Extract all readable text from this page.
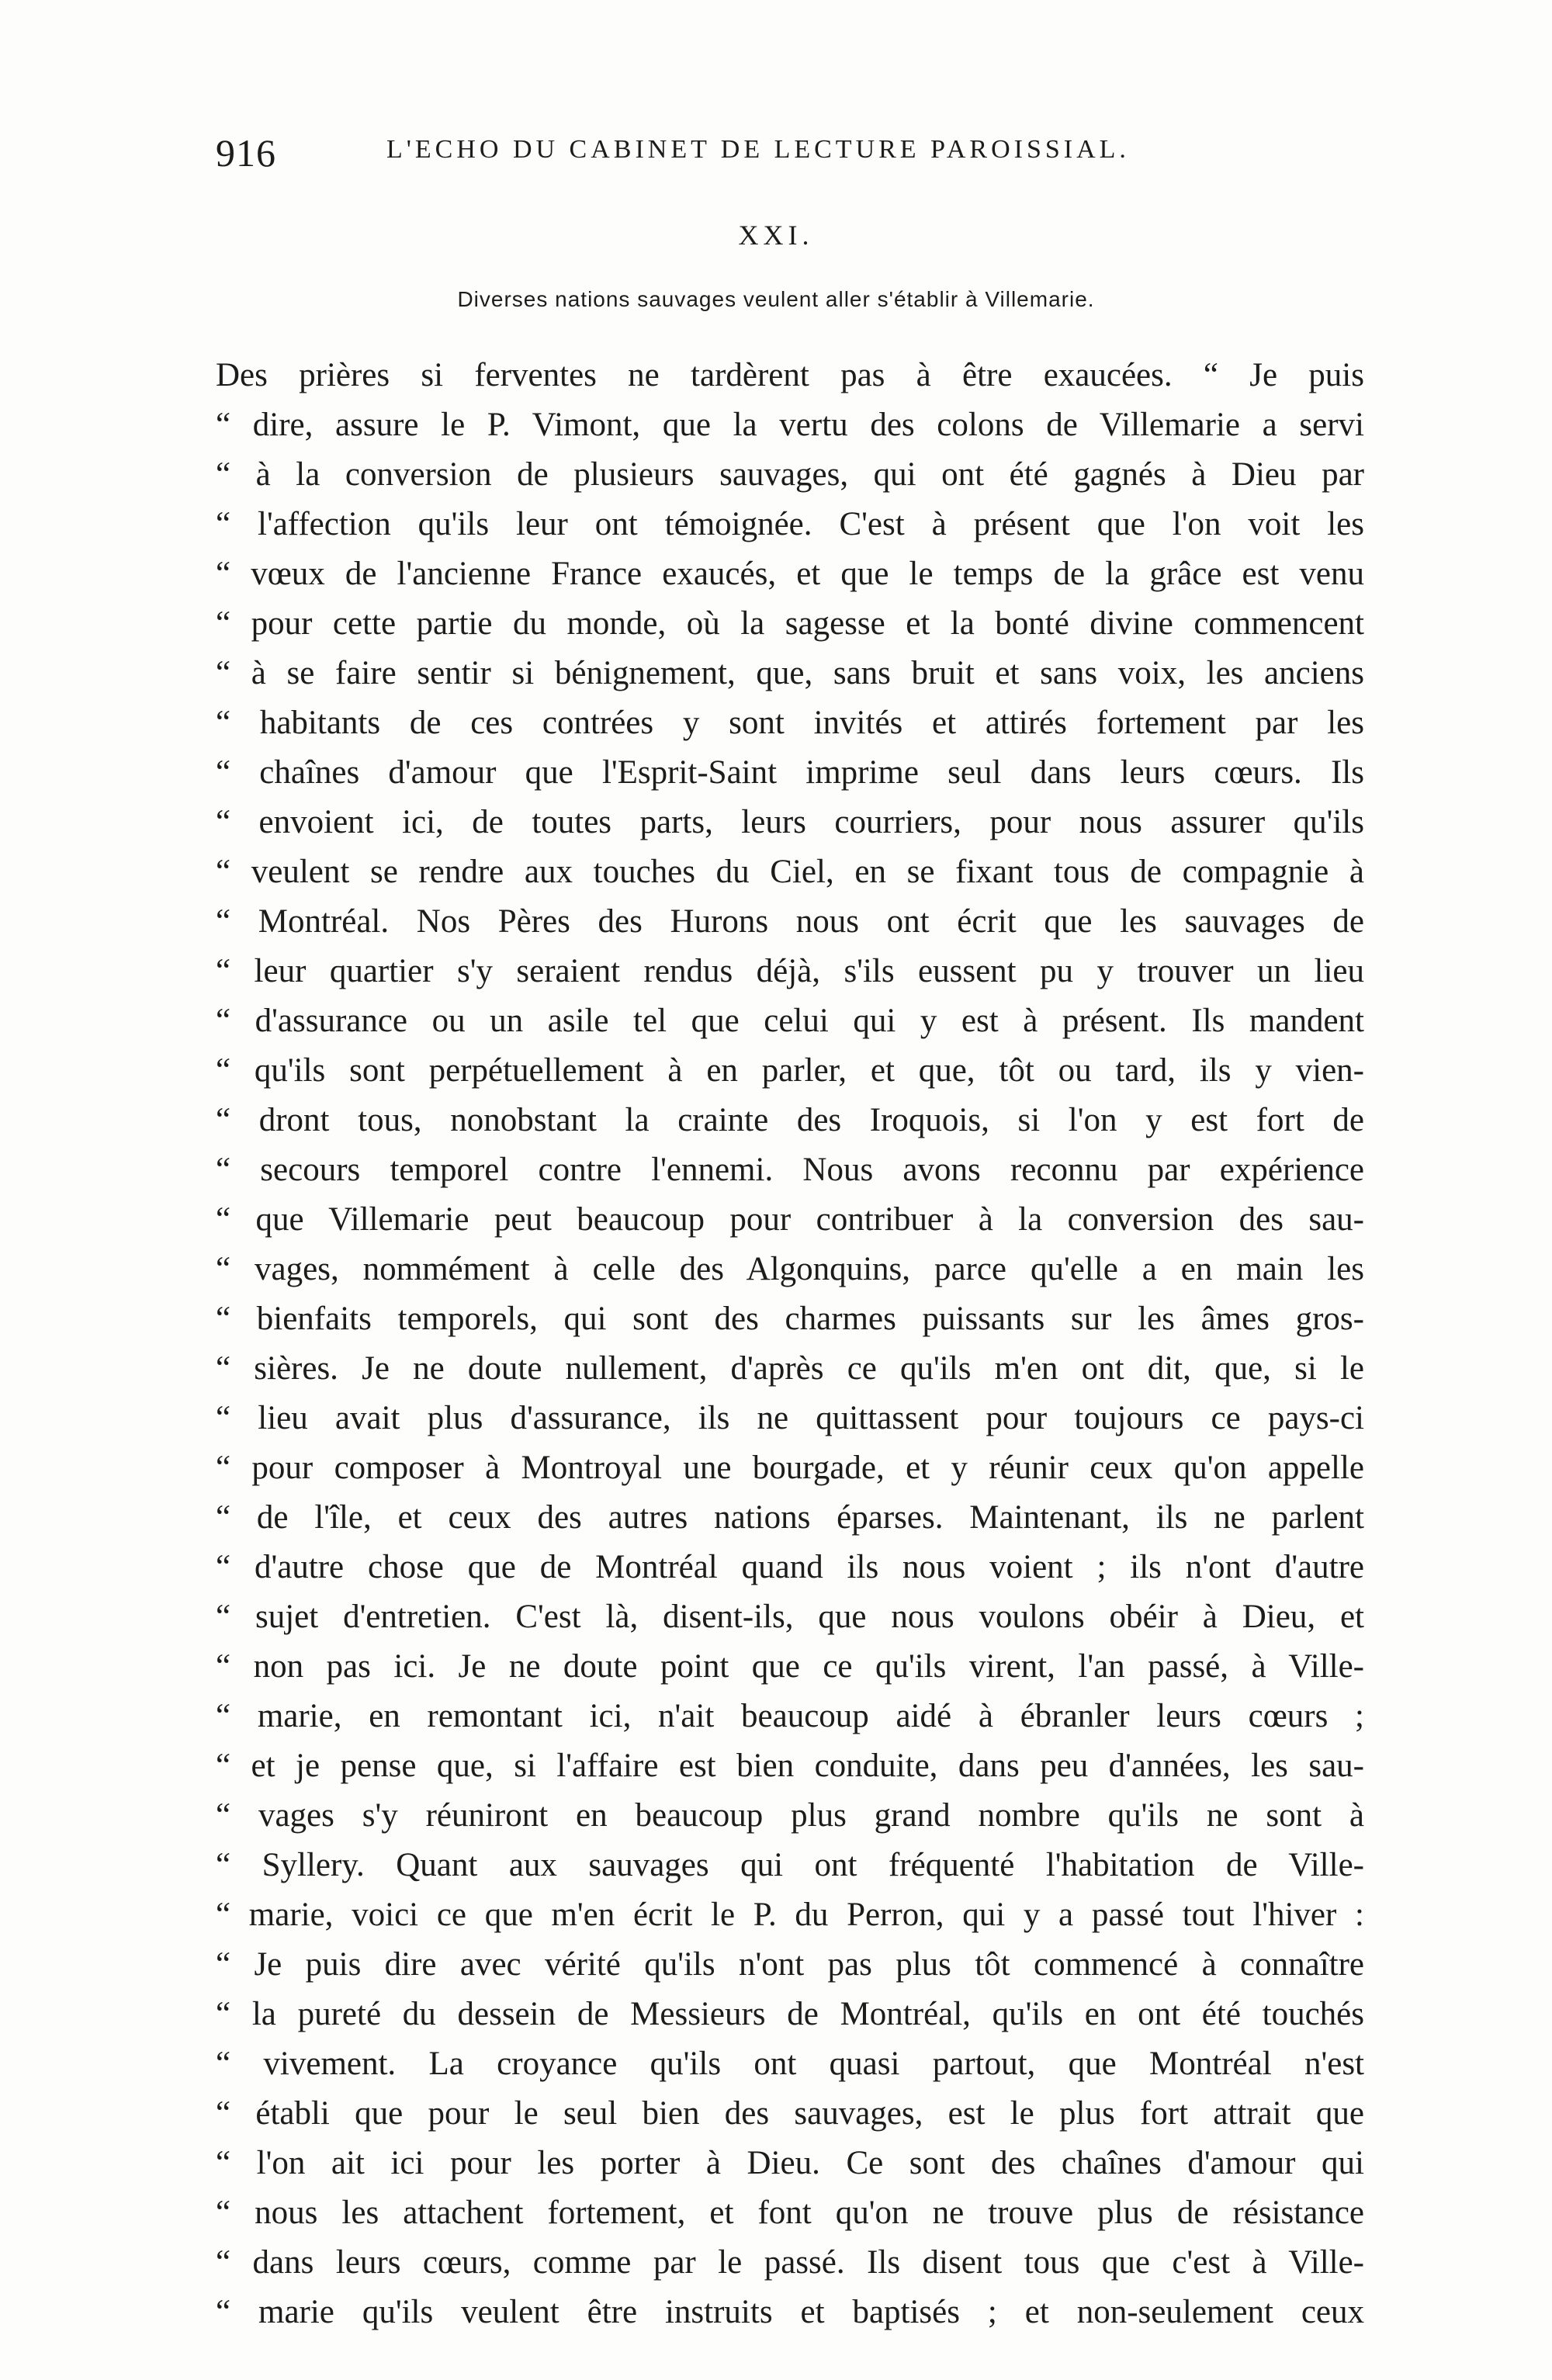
916	L'ECHO DU CABINET DE LECTURE PAROISSIAL.
XXI.
Diverses nations sauvages veulent aller s'établir à Villemarie.
Des prières si ferventes ne tardèrent pas à être exaucées. “ Je puis
“ dire, assure le P. Vimont, que la vertu des colons de Villemarie a servi
“ à la conversion de plusieurs sauvages, qui ont été gagnés à Dieu par
“ l'affection qu'ils leur ont témoignée. C'est à présent que l'on voit les
“ vœux de l'ancienne France exaucés, et que le temps de la grâce est venu
“ pour cette partie du monde, où la sagesse et la bonté divine commencent
“ à se faire sentir si bénignement, que, sans bruit et sans voix, les anciens
“ habitants de ces contrées y sont invités et attirés fortement par les
“ chaînes d'amour que l'Esprit-Saint imprime seul dans leurs cœurs. Ils
“ envoient ici, de toutes parts, leurs courriers, pour nous assurer qu'ils
“ veulent se rendre aux touches du Ciel, en se fixant tous de compagnie à
“ Montréal. Nos Pères des Hurons nous ont écrit que les sauvages de
“ leur quartier s'y seraient rendus déjà, s'ils eussent pu y trouver un lieu
“ d'assurance ou un asile tel que celui qui y est à présent. Ils mandent
“ qu'ils sont perpétuellement à en parler, et que, tôt ou tard, ils y vien-
“ dront tous, nonobstant la crainte des Iroquois, si l'on y est fort de
“ secours temporel contre l'ennemi. Nous avons reconnu par expérience
“ que Villemarie peut beaucoup pour contribuer à la conversion des sau-
“ vages, nommément à celle des Algonquins, parce qu'elle a en main les
“ bienfaits temporels, qui sont des charmes puissants sur les âmes gros-
“ sières. Je ne doute nullement, d'après ce qu'ils m'en ont dit, que, si le
“ lieu avait plus d'assurance, ils ne quittassent pour toujours ce pays-ci
“ pour composer à Montroyal une bourgade, et y réunir ceux qu'on appelle
“ de l'île, et ceux des autres nations éparses. Maintenant, ils ne parlent
“ d'autre chose que de Montréal quand ils nous voient ; ils n'ont d'autre
“ sujet d'entretien. C'est là, disent-ils, que nous voulons obéir à Dieu, et
“ non pas ici. Je ne doute point que ce qu'ils virent, l'an passé, à Ville-
“ marie, en remontant ici, n'ait beaucoup aidé à ébranler leurs cœurs ;
“ et je pense que, si l'affaire est bien conduite, dans peu d'années, les sau-
“ vages s'y réuniront en beaucoup plus grand nombre qu'ils ne sont à
“ Syllery. Quant aux sauvages qui ont fréquenté l'habitation de Ville-
“ marie, voici ce que m'en écrit le P. du Perron, qui y a passé tout l'hiver :
“ Je puis dire avec vérité qu'ils n'ont pas plus tôt commencé à connaître
“ la pureté du dessein de Messieurs de Montréal, qu'ils en ont été touchés
“ vivement. La croyance qu'ils ont quasi partout, que Montréal n'est
“ établi que pour le seul bien des sauvages, est le plus fort attrait que
“ l'on ait ici pour les porter à Dieu. Ce sont des chaînes d'amour qui
“ nous les attachent fortement, et font qu'on ne trouve plus de résistance
“ dans leurs cœurs, comme par le passé. Ils disent tous que c'est à Ville-
“ marie qu'ils veulent être instruits et baptisés ; et non-seulement ceux
